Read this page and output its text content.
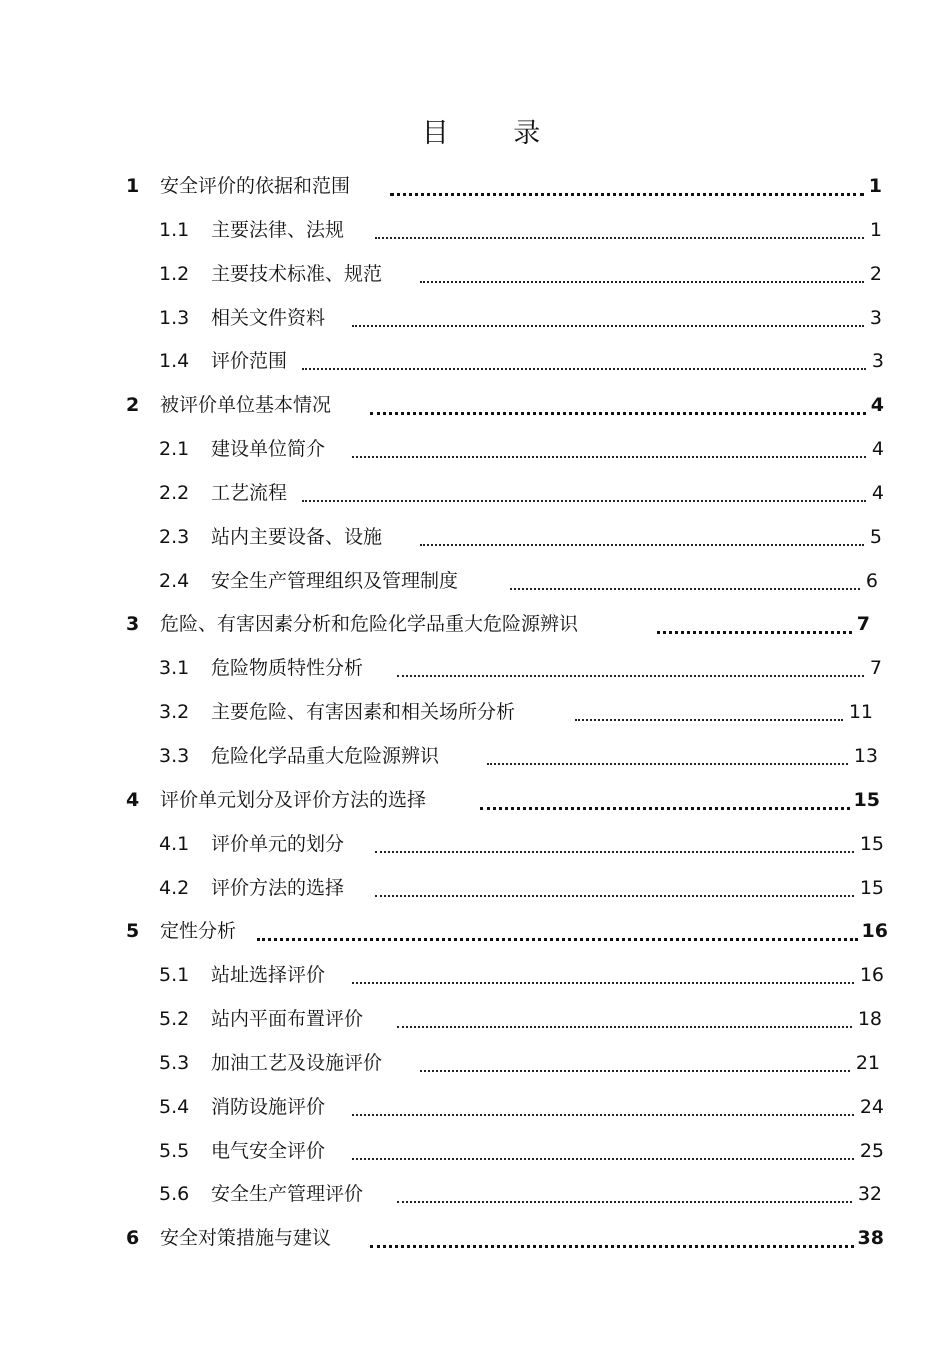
目 录
1 安全评价的依据和范围	1
1.1 主要法律、法规	1
1.2 主要技术标准、规范	2
1.3 相关文件资料	3
1.4 评价范围	3
2 被评价单位基本情况	4
2.1 建设单位简介	4
2.2 工艺流程	4
2.3 站内主要设备、设施	5
2.4 安全生产管理组织及管理制度	6
3 危险、有害因素分析和危险化学品重大危险源辨识	7
3.1 危险物质特性分析	7
3.2 主要危险、有害因素和相关场所分析	11
3.3 危险化学品重大危险源辨识	13
4 评价单元划分及评价方法的选择	15
4.1 评价单元的划分	15
4.2 评价方法的选择	15
5 定性分析	16
5.1 站址选择评价	16
5.2 站内平面布置评价	18
5.3 加油工艺及设施评价	21
5.4 消防设施评价	24
5.5 电气安全评价	25
5.6 安全生产管理评价	32
6 安全对策措施与建议	38
